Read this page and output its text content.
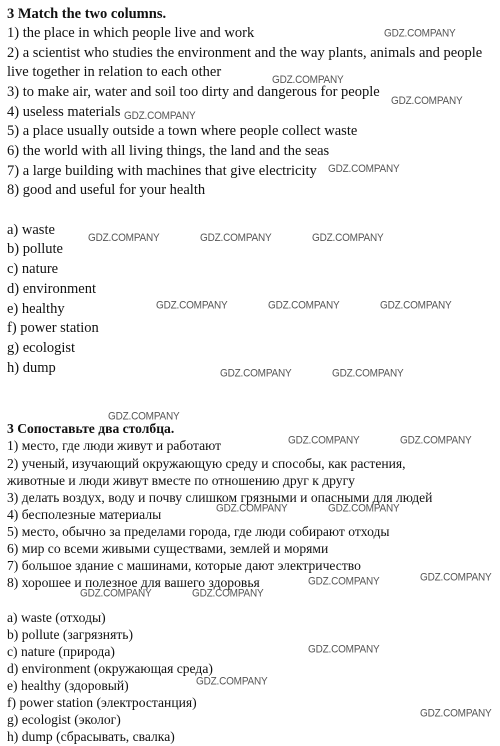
3 Match the two columns.
1) the place in which people live and work
2) a scientist who studies the environment and the way plants, animals and people
live together in relation to each other
3) to make air, water and soil too dirty and dangerous for people
4) useless materials
5) a place usually outside a town where people collect waste
6) the world with all living things, the land and the seas
7) a large building with machines that give electricity
8) good and useful for your health
a) waste
b) pollute
c) nature
d) environment
e) healthy
f) power station
g) ecologist
h) dump
3 Сопоставьте два столбца.
1) место, где люди живут и работают
2) ученый, изучающий окружающую среду и способы, как растения,
животные и люди живут вместе по отношению друг к другу
3) делать воздух, воду и почву слишком грязными и опасными для людей
4) бесполезные материалы
5) место, обычно за пределами города, где люди собирают отходы
6) мир со всеми живыми существами, землей и морями
7) большое здание с машинами, которые дают электричество
8) хорошее и полезное для вашего здоровья
a) waste (отходы)
b) pollute (загрязнять)
c) nature (природа)
d) environment (окружающая среда)
e) healthy (здоровый)
f) power station (электростанция)
g) ecologist (эколог)
h) dump (сбрасывать, свалка)
GDZ.COMPANY
GDZ.COMPANY
GDZ.COMPANY
GDZ.COMPANY
GDZ.COMPANY
GDZ.COMPANY	GDZ.COMPANY	GDZ.COMPANY
GDZ.COMPANY	GDZ.COMPANY	GDZ.COMPANY
GDZ.COMPANY	GDZ.COMPANY
GDZ.COMPANY
GDZ.COMPANY	GDZ.COMPANY
GDZ.COMPANY	GDZ.COMPANY
GDZ.COMPANY
GDZ.COMPANY
GDZ.COMPANY	GDZ.COMPANY
GDZ.COMPANY
GDZ.COMPANY
GDZ.COMPANY
